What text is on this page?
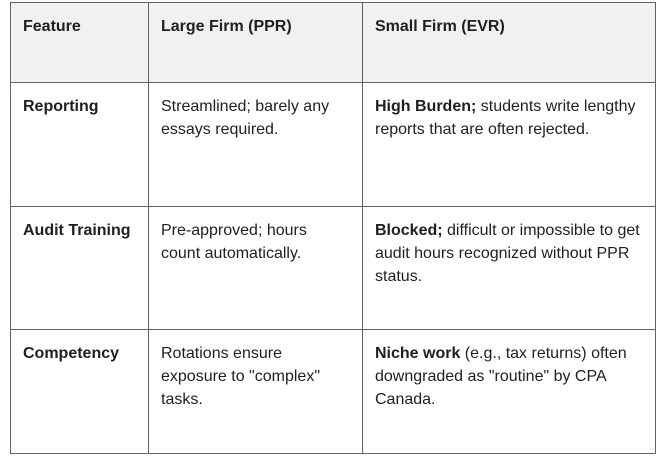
Feature	Large Firm (PPR)	Small Firm (EVR)
Reporting	Streamlined; barely any essays required.	High Burden; students write lengthy reports that are often rejected.
Audit Training	Pre-approved; hours count automatically.	Blocked; difficult or impossible to get audit hours recognized without PPR status.
Competency	Rotations ensure exposure to "complex" tasks.	Niche work (e.g., tax returns) often downgraded as "routine" by CPA Canada.
